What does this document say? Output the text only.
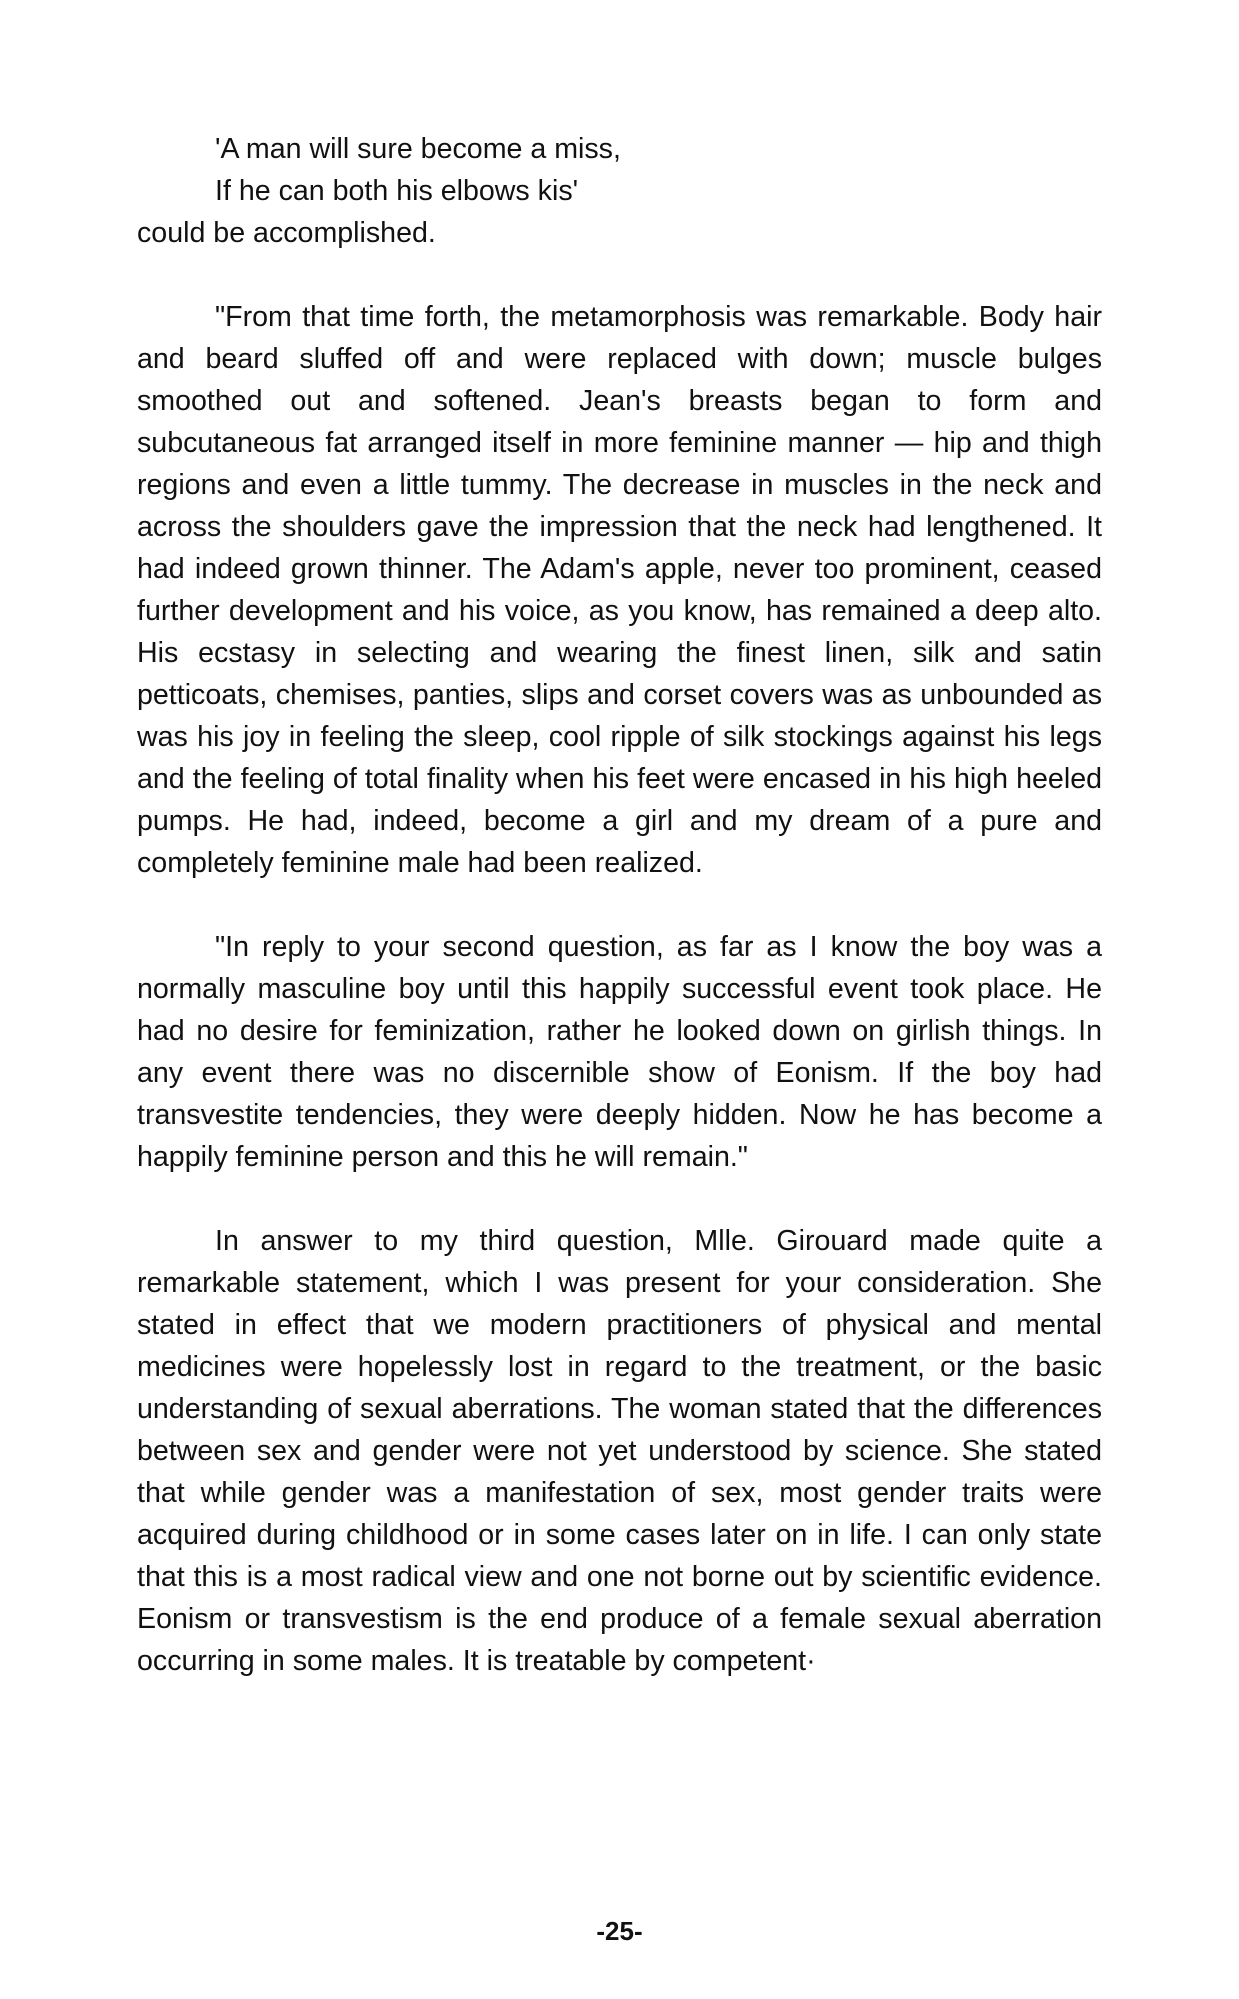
'A man will sure become a miss,
If he can both his elbows kis'
could be accomplished.

"From that time forth, the metamorphosis was remarkable. Body hair and beard sluffed off and were replaced with down; muscle bulges smoothed out and softened. Jean's breasts began to form and subcutaneous fat arranged itself in more feminine manner — hip and thigh regions and even a little tummy. The decrease in muscles in the neck and across the shoulders gave the impression that the neck had lengthened. It had indeed grown thinner. The Adam's apple, never too prominent, ceased further development and his voice, as you know, has remained a deep alto. His ecstasy in selecting and wearing the finest linen, silk and satin petticoats, chemises, panties, slips and corset covers was as unbounded as was his joy in feeling the sleep, cool ripple of silk stockings against his legs and the feeling of total finality when his feet were encased in his high heeled pumps. He had, indeed, become a girl and my dream of a pure and completely feminine male had been realized.

"In reply to your second question, as far as I know the boy was a normally masculine boy until this happily successful event took place. He had no desire for feminization, rather he looked down on girlish things. In any event there was no discernible show of Eonism. If the boy had transvestite tendencies, they were deeply hidden. Now he has become a happily feminine person and this he will remain."

In answer to my third question, Mlle. Girouard made quite a remarkable statement, which I was present for your consideration. She stated in effect that we modern practitioners of physical and mental medicines were hopelessly lost in regard to the treatment, or the basic understanding of sexual aberrations. The woman stated that the differences between sex and gender were not yet understood by science. She stated that while gender was a manifestation of sex, most gender traits were acquired during childhood or in some cases later on in life. I can only state that this is a most radical view and one not borne out by scientific evidence. Eonism or transvestism is the end produce of a female sexual aberration occurring in some males. It is treatable by competent·

-25-
